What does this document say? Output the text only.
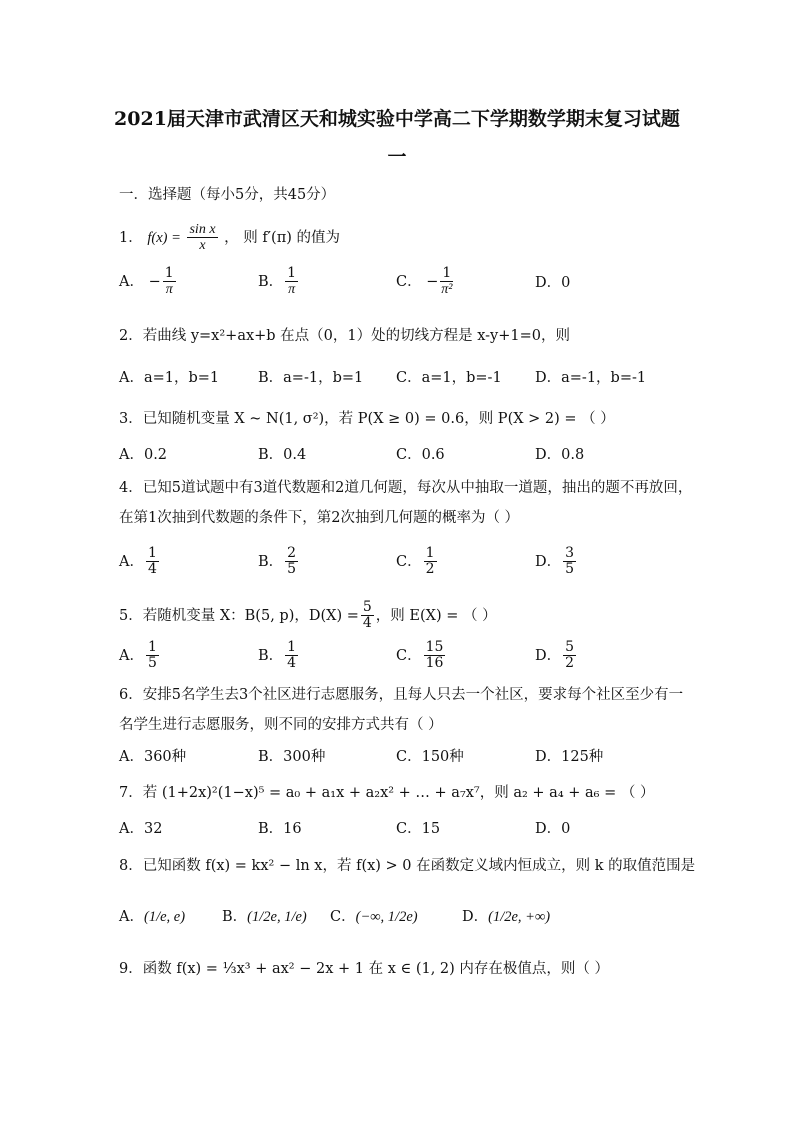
2021届天津市武清区天和城实验中学高二下学期数学期末复习试题
一
一．选择题（每小5分，共45分）
1． $f(x) = \frac{\text{sin x}}{x}$ ， 则 f′(π) 的值为
A． − $\frac{1}{\pi}$	B． $\frac{1}{\pi}$	C． − $\frac{1}{\text{π²}}$	D．0
2．若曲线 y=x²+ax+b 在点（0，1）处的切线方程是 x-y+1=0，则
A．a=1，b=1	B．a=-1，b=1 C．a=1，b=-1 D．a=-1，b=-1
3．已知随机变量 X ~ N(1, σ²)，若 P(X ≥ 0) = 0.6，则 P(X > 2) = （ ）
A．0.2	B．0.4	C．0.6	D．0.8
4．已知5道试题中有3道代数题和2道几何题，每次从中抽取一道题，抽出的题不再放回，
在第1次抽到代数题的条件下，第2次抽到几何题的概率为（ ）
A． $\frac{1}{4}$	B． $\frac{2}{5}$	C． $\frac{1}{2}$	D． $\frac{3}{5}$
5．若随机变量 X：B(5, p)，$D(X) = \frac{5}{4}$ ，则 E(X) = （ ）
A． $\frac{1}{5}$	B． $\frac{1}{4}$	C． $\frac{15}{16}$	D． $\frac{5}{2}$
6．安排5名学生去3个社区进行志愿服务，且每人只去一个社区，要求每个社区至少有一
名学生进行志愿服务，则不同的安排方式共有（ ）
A．360种	B．300种	C．150种	D．125种
7．若 (1+2x)²(1−x)⁵ = a₀ + a₁x + a₂x² + … + a₇x⁷，则 a₂ + a₄ + a₆ = （ ）
A．32	B．16	C．15	D．0
8．已知函数 f(x) = kx² − ln x，若 f(x) > 0 在函数定义域内恒成立，则 k 的取值范围是
A．(1/e, e)	B．(1/2e, 1/e) C．(−∞, 1/2e)	D．(1/2e, +∞)
9．函数 f(x) = ⅓x³ + ax² − 2x + 1 在 x ∈ (1, 2) 内存在极值点，则（ ）
